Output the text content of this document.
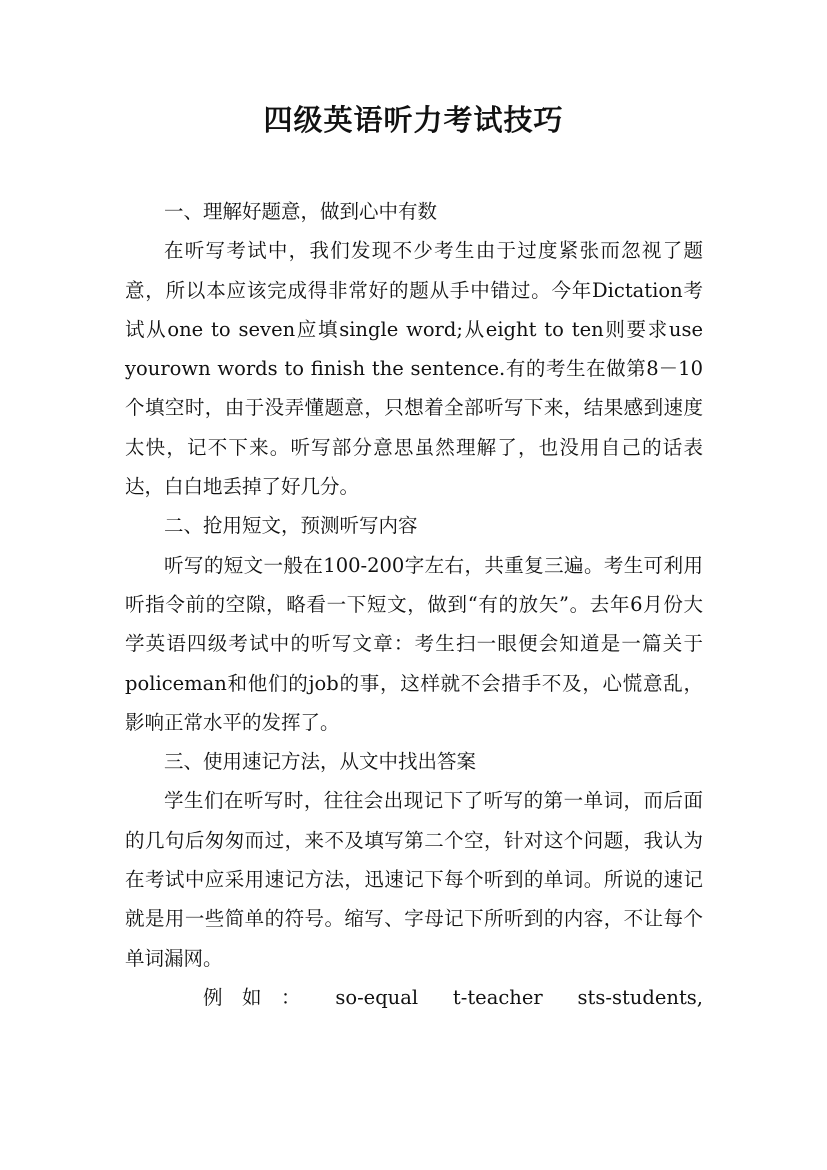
四级英语听力考试技巧

一、理解好题意，做到心中有数

在听写考试中，我们发现不少考生由于过度紧张而忽视了题意，所以本应该完成得非常好的题从手中错过。今年Dictation考试从one to seven应填single word;从eight to ten则要求use yourown words to finish the sentence.有的考生在做第8－10个填空时，由于没弄懂题意，只想着全部听写下来，结果感到速度太快，记不下来。听写部分意思虽然理解了，也没用自己的话表达，白白地丢掉了好几分。

二、抢用短文，预测听写内容

听写的短文一般在100-200字左右，共重复三遍。考生可利用听指令前的空隙，略看一下短文，做到“有的放矢”。去年6月份大学英语四级考试中的听写文章：考生扫一眼便会知道是一篇关于policeman和他们的job的事，这样就不会措手不及，心慌意乱，影响正常水平的发挥了。

三、使用速记方法，从文中找出答案

学生们在听写时，往往会出现记下了听写的第一单词，而后面的几句后匆匆而过，来不及填写第二个空，针对这个问题，我认为在考试中应采用速记方法，迅速记下每个听到的单词。所说的速记就是用一些简单的符号。缩写、字母记下所听到的内容，不让每个单词漏网。

例　如　： so-equal t-teacher sts-students,
